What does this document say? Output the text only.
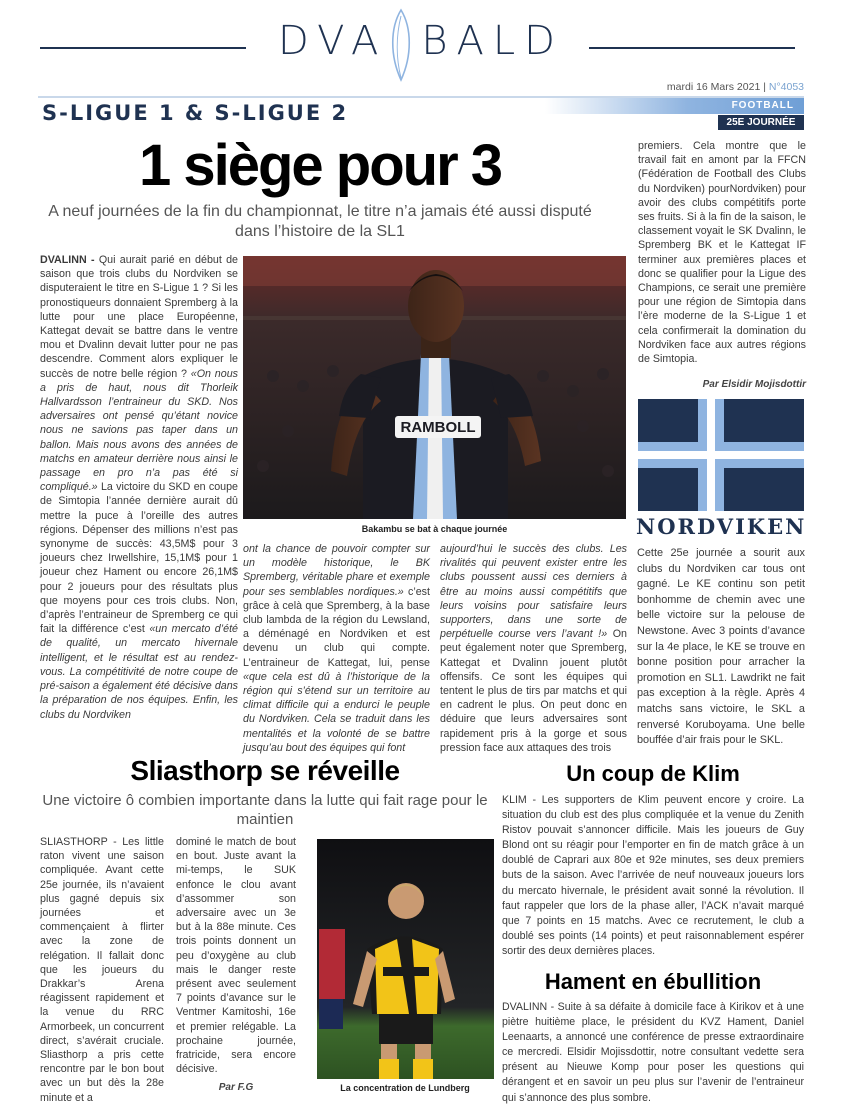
DVA BALD
mardi 16 Mars 2021 | N°4053
S-LIGUE 1 & S-LIGUE 2	FOOTBALL
25E JOURNÉE
1 siège pour 3
A neuf journées de la fin du championnat, le titre n’a jamais été aussi disputé dans l’histoire de la SL1
DVALINN - Qui aurait parié en début de saison que trois clubs du Nordviken se disputeraient le titre en S-Ligue 1 ? Si les pronostiqueurs donnaient Spremberg à la lutte pour une place Européenne, Kattegat devait se battre dans le ventre mou et Dvalinn devait lutter pour ne pas descendre. Comment alors expliquer le succès de notre belle région ? «On nous a pris de haut, nous dit Thorleik Hallvardsson l’entraineur du SKD. Nos adversaires ont pensé qu’étant novice nous ne savions pas taper dans un ballon. Mais nous avons des années de matchs en amateur derrière nous ainsi le passage en pro n’a pas été si compliqué.» La victoire du SKD en coupe de Simtopia l’année dernière aurait dû mettre la puce à l’oreille des autres régions. Dépenser des millions n’est pas synonyme de succès: 43,5M$ pour 3 joueurs chez Irwellshire, 15,1M$ pour 1 joueur chez Hament ou encore 26,1M$ pour 2 joueurs pour des résultats plus que moyens pour ces trois clubs. Non, d’après l’entraineur de Spremberg ce qui fait la différence c’est «un mercato d’été de qualité, un mercato hivernale intelligent, et le résultat est au rendez-vous. La compétitivité de notre coupe de pré-saison a également été décisive dans la préparation de nos équipes. Enfin, les clubs du Nordviken
RAMBOLL
Bakambu se bat à chaque journée
ont la chance de pouvoir compter sur un modèle historique, le BK Spremberg, véritable phare et exemple pour ses semblables nordiques.» c’est grâce à celà que Spremberg, à la base club lambda de la région du Lewsland, a déménagé en Nordviken et est devenu un club qui compte. L’entraineur de Kattegat, lui, pense «que cela est dû à l’historique de la région qui s’étend sur un territoire au climat difficile qui a endurci le peuple du Nordviken. Cela se traduit dans les mentalités et la volonté de se battre jusqu’au bout des équipes qui font
aujourd’hui le succès des clubs. Les rivalités qui peuvent exister entre les clubs poussent aussi ces derniers à être au moins aussi compétitifs que leurs voisins pour satisfaire leurs supporters, dans une sorte de perpétuelle course vers l’avant !» On peut également noter que Spremberg, Kattegat et Dvalinn jouent plutôt offensifs. Ce sont les équipes qui tentent le plus de tirs par matchs et qui en cadrent le plus. On peut donc en déduire que leurs adversaires sont rapidement pris à la gorge et sous pression face aux attaques des trois
premiers. Cela montre que le travail fait en amont par la FFCN (Fédération de Football des Clubs du Nordviken) pourNordviken) pour avoir des clubs compétitifs porte ses fruits. Si à la fin de la saison, le classement voyait le SK Dvalinn, le Spremberg BK et le Kattegat IF terminer aux premières places et donc se qualifier pour la Ligue des Champions, ce serait une première pour une région de Simtopia dans l’ère moderne de la S-Ligue 1 et cela confirmerait la domination du Nordviken face aux autres régions de Simtopia.
Par Elsidir Mojisdottir
NORDVIKEN
Cette 25e journée a sourit aux clubs du Nordviken car tous ont gagné. Le KE continu son petit bonhomme de chemin avec une belle victoire sur la pelouse de Newstone. Avec 3 points d’avance sur la 4e place, le KE se trouve en bonne position pour arracher la promotion en SL1. Lawdrikt ne fait pas exception à la règle. Après 4 matchs sans victoire, le SKL a renversé Koruboyama. Une belle bouffée d’air frais pour le SKL.
Sliasthorp se réveille
Une victoire ô combien importante dans la lutte qui fait rage pour le maintien
SLIASTHORP - Les little raton vivent une saison compliquée. Avant cette 25e journée, ils n’avaient plus gagné depuis six journées et commençaient à flirter avec la zone de relégation. Il fallait donc que les joueurs du Drakkar’s Arena réagissent rapidement et la venue du RRC Armorbeek, un concurrent direct, s’avérait cruciale. Sliasthorp a pris cette rencontre par le bon bout avec un but dès la 28e minute et a
dominé le match de bout en bout. Juste avant la mi-temps, le SUK enfonce le clou avant d’assommer son adversaire avec un 3e but à la 88e minute. Ces trois points donnent un peu d’oxygène au club mais le danger reste présent avec seulement 7 points d’avance sur le Ventmer Kamitoshi, 16e et premier relégable. La prochaine journée, fratricide, sera encore décisive.
Par F.G	La concentration de Lundberg
Un coup de Klim
KLIM - Les supporters de Klim peuvent encore y croire. La situation du club est des plus compliquée et la venue du Zenith Ristov pouvait s’annoncer difficile. Mais les joueurs de Guy Blond ont su réagir pour l’emporter en fin de match grâce à un doublé de Caprari aux 80e et 92e minutes, ses deux premiers buts de la saison. Avec l’arrivée de neuf nouveaux joueurs lors du mercato hivernale, le président avait sonné la révolution. Il faut rappeler que lors de la phase aller, l’ACK n’avait marqué que 7 points en 15 matchs. Avec ce recrutement, le club a doublé ses points (14 points) et peut raisonnablement espérer sortir des deux dernières places.
Hament en ébullition
DVALINN - Suite à sa défaite à domicile face à Kirikov et à une piètre huitième place, le président du KVZ Hament, Daniel Leenaarts, a annoncé une conférence de presse extraordinaire ce mercredi. Elsidir Mojissdottir, notre consultant vedette sera présent au Nieuwe Komp pour poser les questions qui dérangent et en savoir un peu plus sur l’avenir de l’entraineur qui s’annonce des plus sombre.
